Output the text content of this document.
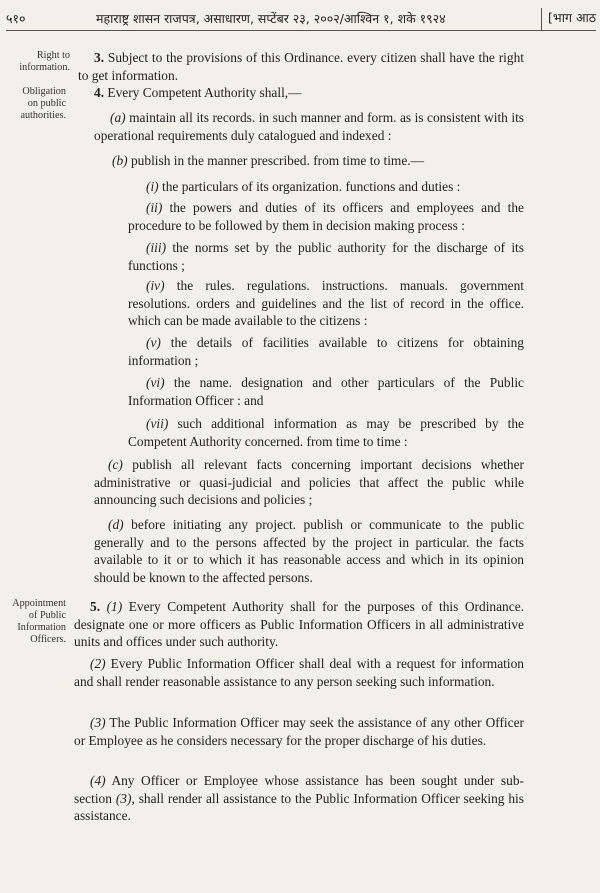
५१०	महाराष्ट्र शासन राजपत्र, असाधारण, सप्टेंबर २३, २००२/आश्विन १, शके १९२४	[भाग आठ
Right to
information.
Obligation
on public
authorities.
Appointment
of Public
Information
Officers.

3. Subject to the provisions of this Ordinance. every citizen shall have the right to get information.

4. Every Competent Authority shall,—

(a) maintain all its records. in such manner and form. as is consistent with its operational requirements duly catalogued and indexed :

(b) publish in the manner prescribed. from time to time.—

(i) the particulars of its organization. functions and duties :

(ii) the powers and duties of its officers and employees and the procedure to be followed by them in decision making process :

(iii) the norms set by the public authority for the discharge of its functions ;

(iv) the rules. regulations. instructions. manuals. government resolutions. orders and guidelines and the list of record in the office. which can be made available to the citizens :

(v) the details of facilities available to citizens for obtaining information ;

(vi) the name. designation and other particulars of the Public Information Officer : and

(vii) such additional information as may be prescribed by the Competent Authority concerned. from time to time :

(c) publish all relevant facts concerning important decisions whether administrative or quasi-judicial and policies that affect the public while announcing such decisions and policies ;

(d) before initiating any project. publish or communicate to the public generally and to the persons affected by the project in particular. the facts available to it or to which it has reasonable access and which in its opinion should be known to the affected persons.

5. (1) Every Competent Authority shall for the purposes of this Ordinance. designate one or more officers as Public Information Officers in all administrative units and offices under such authority.

(2) Every Public Information Officer shall deal with a request for information and shall render reasonable assistance to any person seeking such information.

(3) The Public Information Officer may seek the assistance of any other Officer or Employee as he considers necessary for the proper discharge of his duties.

(4) Any Officer or Employee whose assistance has been sought under sub-section (3), shall render all assistance to the Public Information Officer seeking his assistance.
